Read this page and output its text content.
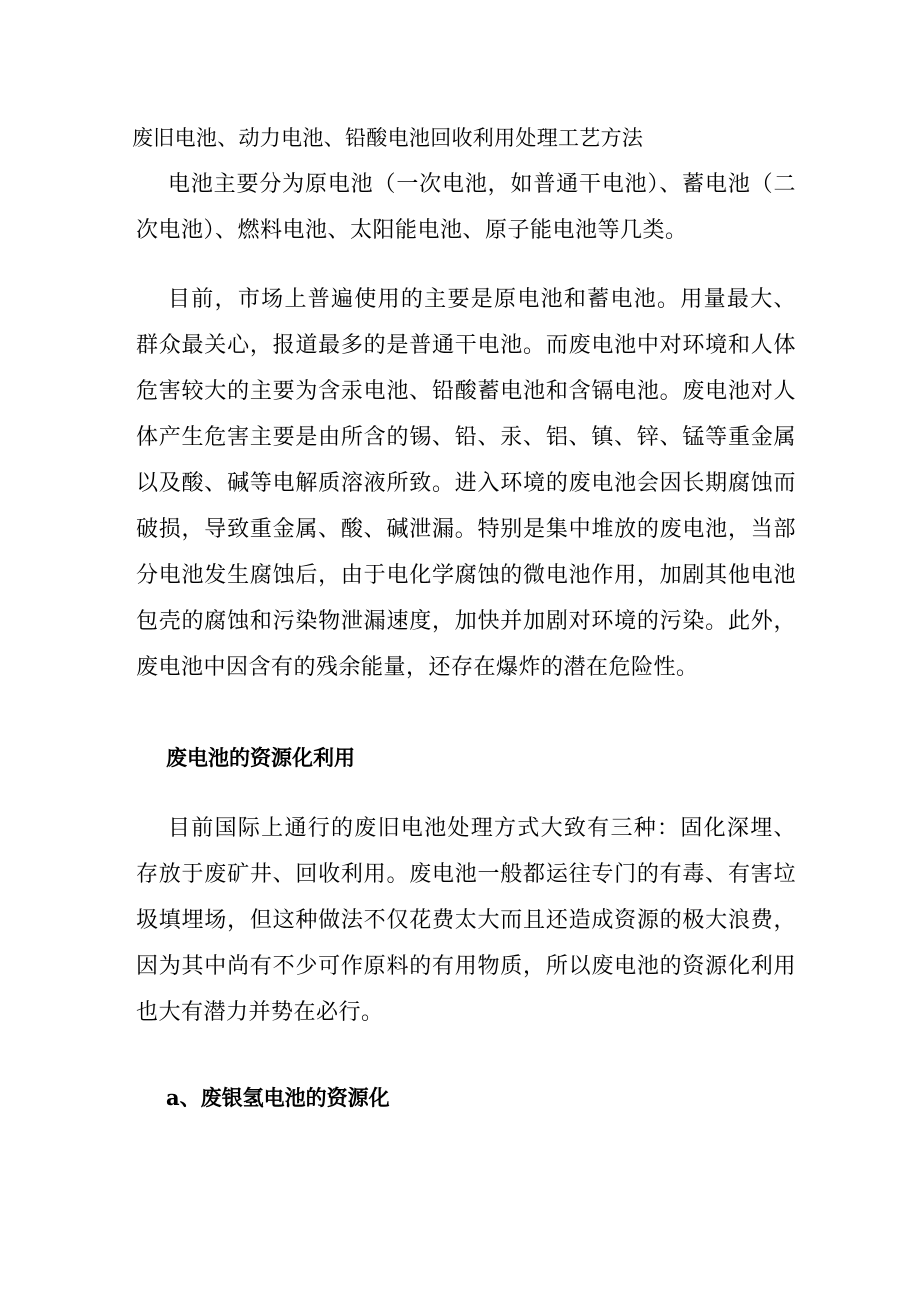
废旧电池、动力电池、铅酸电池回收利用处理工艺方法

电池主要分为原电池（一次电池，如普通干电池）、蓄电池（二次电池）、燃料电池、太阳能电池、原子能电池等几类。

目前，市场上普遍使用的主要是原电池和蓄电池。用量最大、群众最关心，报道最多的是普通干电池。而废电池中对环境和人体危害较大的主要为含汞电池、铅酸蓄电池和含镉电池。废电池对人体产生危害主要是由所含的锡、铅、汞、铝、镇、锌、锰等重金属以及酸、碱等电解质溶液所致。进入环境的废电池会因长期腐蚀而破损，导致重金属、酸、碱泄漏。特别是集中堆放的废电池，当部分电池发生腐蚀后，由于电化学腐蚀的微电池作用，加剧其他电池包壳的腐蚀和污染物泄漏速度，加快并加剧对环境的污染。此外，废电池中因含有的残余能量，还存在爆炸的潜在危险性。

废电池的资源化利用

目前国际上通行的废旧电池处理方式大致有三种：固化深埋、存放于废矿井、回收利用。废电池一般都运往专门的有毒、有害垃圾填埋场，但这种做法不仅花费太大而且还造成资源的极大浪费，因为其中尚有不少可作原料的有用物质，所以废电池的资源化利用也大有潜力并势在必行。

a、废银氢电池的资源化
